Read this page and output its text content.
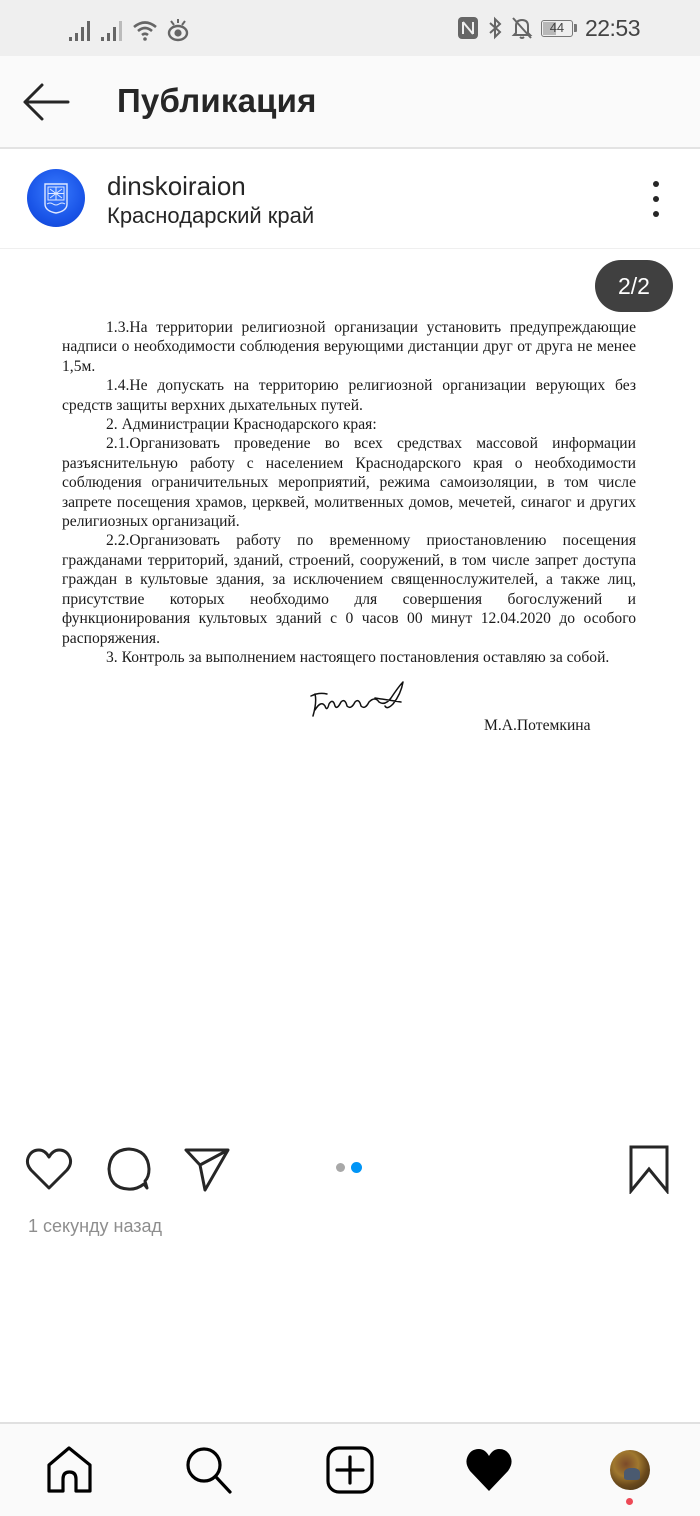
44 22:53
Публикация
dinskoiraion
Краснодарский край

1.3.На территории религиозной организации установить предупреждающие надписи о необходимости соблюдения верующими дистанции друг от друга не менее 1,5м.

1.4.Не допускать на территорию религиозной организации верующих без средств защиты верхних дыхательных путей.

2. Администрации Краснодарского края:

2.1.Организовать проведение во всех средствах массовой информации разъяснительную работу с населением Краснодарского края о необходимости соблюдения ограничительных мероприятий, режима самоизоляции, в том числе запрете посещения храмов, церквей, молитвенных домов, мечетей, синагог и других религиозных организаций.

2.2.Организовать работу по временному приостановлению посещения гражданами территорий, зданий, строений, сооружений, в том числе запрет доступа граждан в культовые здания, за исключением священнослужителей, а также лиц, присутствие которых необходимо для совершения богослужений и функционирования культовых зданий с 0 часов 00 минут 12.04.2020 до особого распоряжения.

3. Контроль за выполнением настоящего постановления оставляю за собой.

М.А.Потемкина
2/2
1 секунду назад
